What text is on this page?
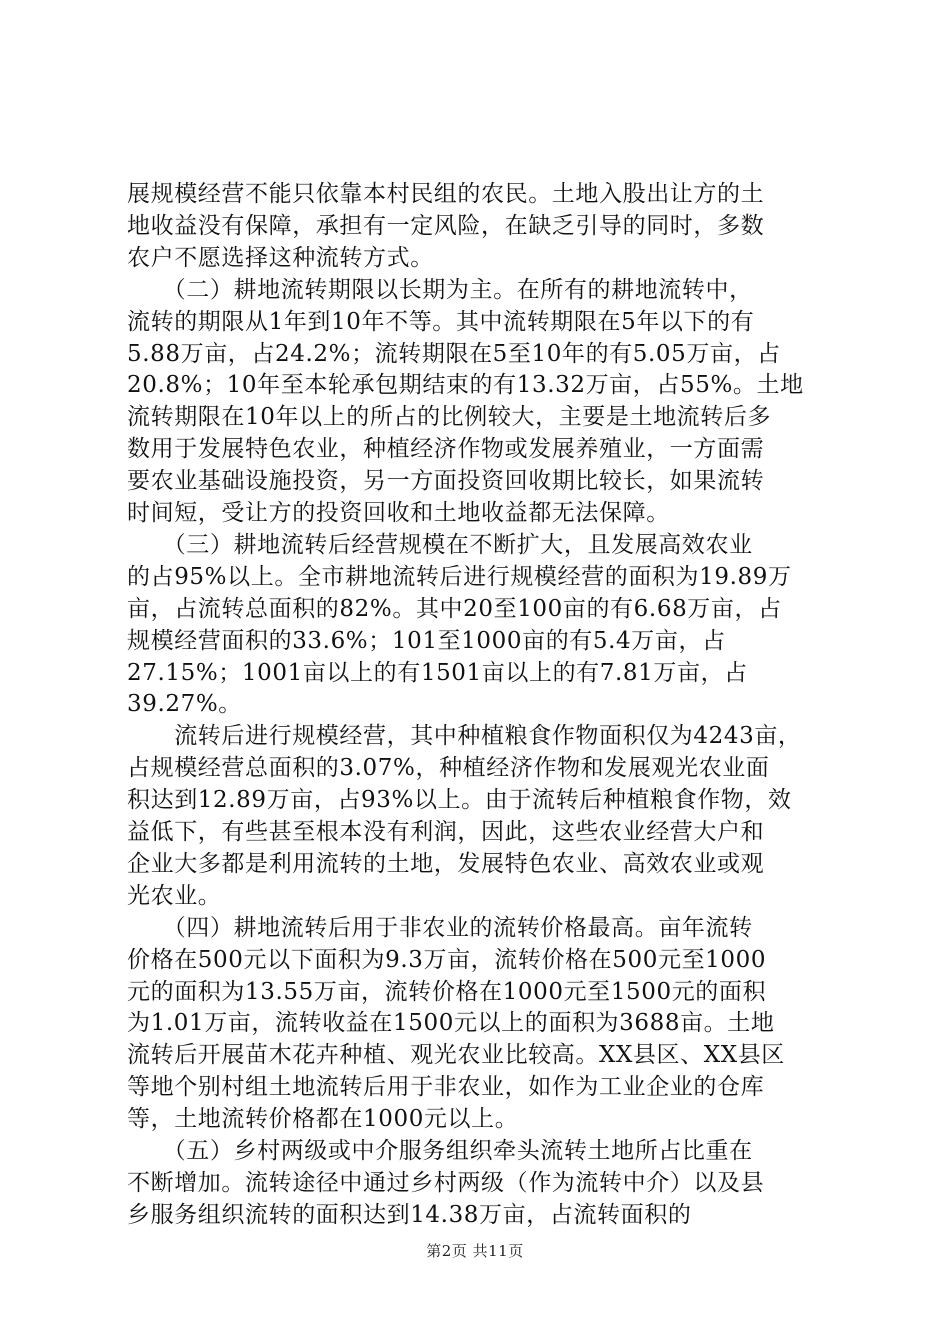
展规模经营不能只依靠本村民组的农民。土地入股出让方的土
地收益没有保障，承担有一定风险，在缺乏引导的同时，多数
农户不愿选择这种流转方式。
　　（二）耕地流转期限以长期为主。在所有的耕地流转中，
流转的期限从1年到10年不等。其中流转期限在5年以下的有
5.88万亩，占24.2%；流转期限在5至10年的有5.05万亩，占
20.8%；10年至本轮承包期结束的有13.32万亩，占55%。土地
流转期限在10年以上的所占的比例较大，主要是土地流转后多
数用于发展特色农业，种植经济作物或发展养殖业，一方面需
要农业基础设施投资，另一方面投资回收期比较长，如果流转
时间短，受让方的投资回收和土地收益都无法保障。
　　（三）耕地流转后经营规模在不断扩大，且发展高效农业
的占95%以上。全市耕地流转后进行规模经营的面积为19.89万
亩，占流转总面积的82%。其中20至100亩的有6.68万亩，占
规模经营面积的33.6%；101至1000亩的有5.4万亩，占
27.15%；1001亩以上的有1501亩以上的有7.81万亩，占
39.27%。
　　流转后进行规模经营，其中种植粮食作物面积仅为4243亩，
占规模经营总面积的3.07%，种植经济作物和发展观光农业面
积达到12.89万亩，占93%以上。由于流转后种植粮食作物，效
益低下，有些甚至根本没有利润，因此，这些农业经营大户和
企业大多都是利用流转的土地，发展特色农业、高效农业或观
光农业。
　　（四）耕地流转后用于非农业的流转价格最高。亩年流转
价格在500元以下面积为9.3万亩，流转价格在500元至1000
元的面积为13.55万亩，流转价格在1000元至1500元的面积
为1.01万亩，流转收益在1500元以上的面积为3688亩。土地
流转后开展苗木花卉种植、观光农业比较高。XX县区、XX县区
等地个别村组土地流转后用于非农业，如作为工业企业的仓库
等，土地流转价格都在1000元以上。
　　（五）乡村两级或中介服务组织牵头流转土地所占比重在
不断增加。流转途径中通过乡村两级（作为流转中介）以及县
乡服务组织流转的面积达到14.38万亩，占流转面积的
第2页 共11页
